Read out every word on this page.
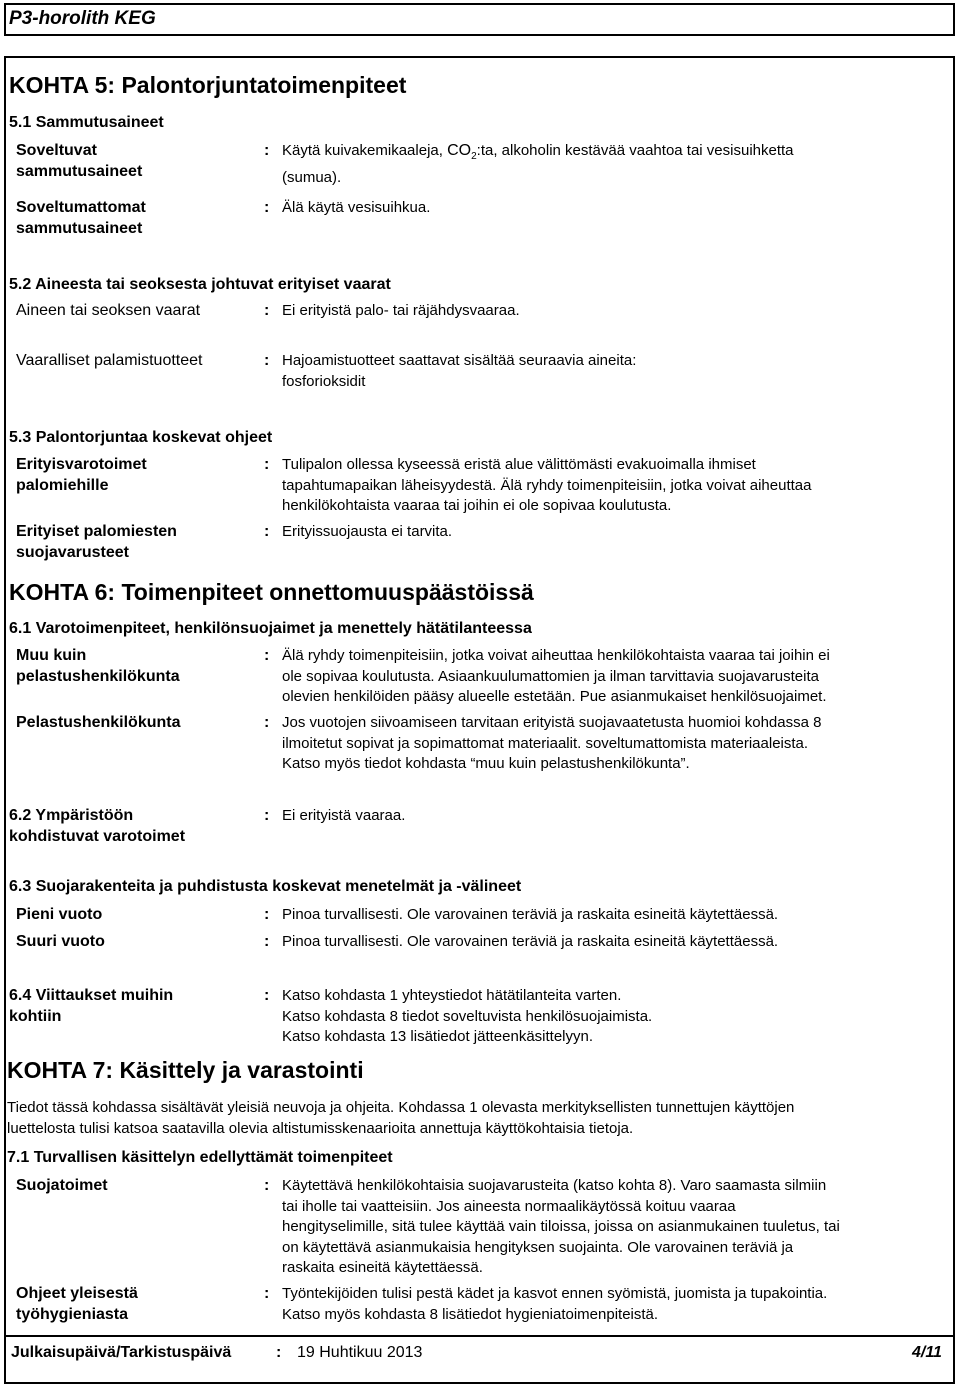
P3-horolith KEG
KOHTA 5: Palontorjuntatoimenpiteet
5.1 Sammutusaineet
Soveltuvat
sammutusaineet
: Käytä kuivakemikaaleja, $CO_2:ta$, alkoholin kestävää vaahtoa tai vesisuihketta

(sumua).

Soveltumattomat
sammutusaineet
: Älä käytä vesisuihkua.
5.2 Aineesta tai seoksesta johtuvat erityiset vaarat
Aineen tai seoksen vaarat	: Ei erityistä palo- tai räjähdysvaaraa.
Vaaralliset palamistuotteet	: Hajoamistuotteet saattavat sisältää seuraavia aineita:

fosforioksidit

5.3 Palontorjuntaa koskevat ohjeet
Erityisvarotoimet
palomiehille
: Tulipalon ollessa kyseessä eristä alue välittömästi evakuoimalla ihmiset

tapahtumapaikan läheisyydestä. Älä ryhdy toimenpiteisiin, jotka voivat aiheuttaa

henkilökohtaista vaaraa tai joihin ei ole sopivaa koulutusta.

Erityiset palomiesten
suojavarusteet
: Erityissuojausta ei tarvita.
KOHTA 6: Toimenpiteet onnettomuuspäästöissä
6.1 Varotoimenpiteet, henkilönsuojaimet ja menettely hätätilanteessa
Muu kuin
pelastushenkilökunta
: Älä ryhdy toimenpiteisiin, jotka voivat aiheuttaa henkilökohtaista vaaraa tai joihin ei

ole sopivaa koulutusta. Asiaankuulumattomien ja ilman tarvittavia suojavarusteita

olevien henkilöiden pääsy alueelle estetään. Pue asianmukaiset henkilösuojaimet.

Pelastushenkilökunta	: Jos vuotojen siivoamiseen tarvitaan erityistä suojavaatetusta huomioi kohdassa 8

ilmoitetut sopivat ja sopimattomat materiaalit. soveltumattomista materiaaleista.

Katso myös tiedot kohdasta “muu kuin pelastushenkilökunta”.

6.2 Ympäristöön
kohdistuvat varotoimet
: Ei erityistä vaaraa.
6.3 Suojarakenteita ja puhdistusta koskevat menetelmät ja -välineet
Pieni vuoto	: Pinoa turvallisesti. Ole varovainen teräviä ja raskaita esineitä käytettäessä.
Suuri vuoto	: Pinoa turvallisesti. Ole varovainen teräviä ja raskaita esineitä käytettäessä.
6.4 Viittaukset muihin
kohtiin
: Katso kohdasta 1 yhteystiedot hätätilanteita varten.

Katso kohdasta 8 tiedot soveltuvista henkilösuojaimista.

Katso kohdasta 13 lisätiedot jätteenkäsittelyyn.

KOHTA 7: Käsittely ja varastointi

Tiedot tässä kohdassa sisältävät yleisiä neuvoja ja ohjeita. Kohdassa 1 olevasta merkityksellisten tunnettujen käyttöjen

luettelosta tulisi katsoa saatavilla olevia altistumisskenaarioita annettuja käyttökohtaisia tietoja.

7.1 Turvallisen käsittelyn edellyttämät toimenpiteet
Suojatoimet	: Käytettävä henkilökohtaisia suojavarusteita (katso kohta 8). Varo saamasta silmiin

tai iholle tai vaatteisiin. Jos aineesta normaalikäytössä koituu vaaraa

hengityselimille, sitä tulee käyttää vain tiloissa, joissa on asianmukainen tuuletus, tai

on käytettävä asianmukaisia hengityksen suojainta. Ole varovainen teräviä ja

raskaita esineitä käytettäessä.

Ohjeet yleisestä
työhygieniasta
: Työntekijöiden tulisi pestä kädet ja kasvot ennen syömistä, juomista ja tupakointia.

Katso myös kohdasta 8 lisätiedot hygieniatoimenpiteistä.

Julkaisupäivä/Tarkistuspäivä	: 19 Huhtikuu 2013	4/11
